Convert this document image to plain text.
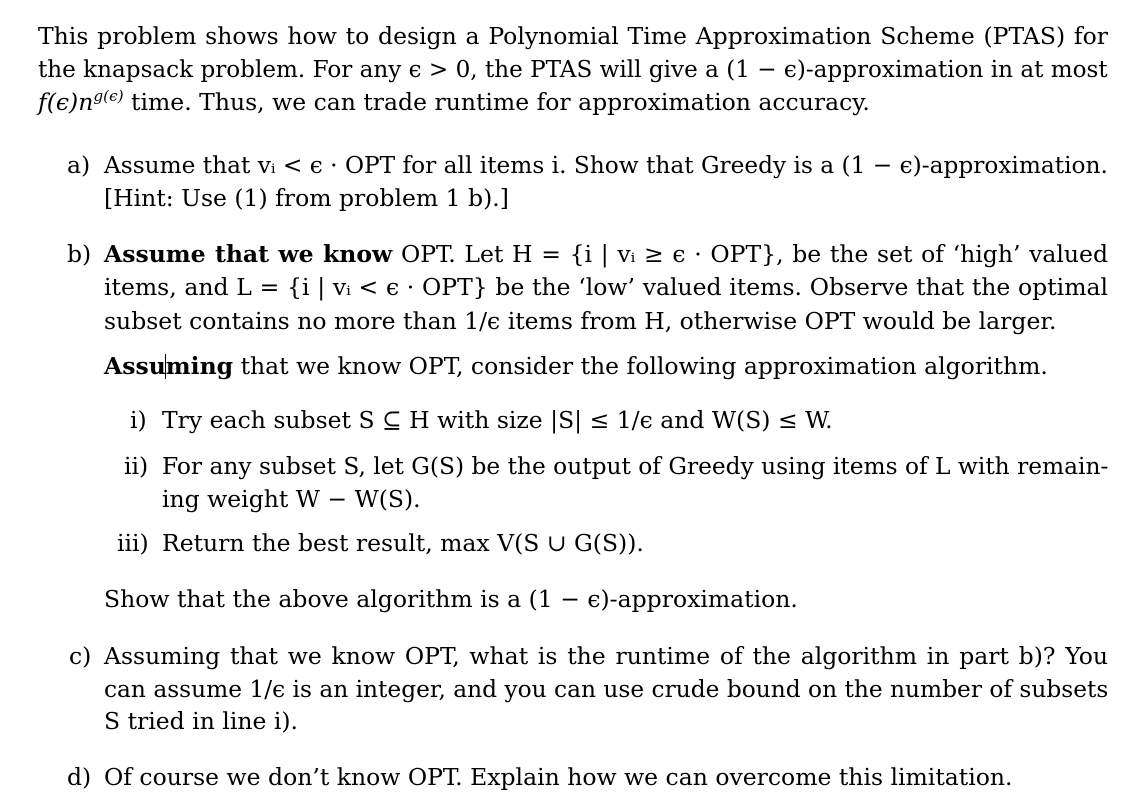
This problem shows how to design a Polynomial Time Approximation Scheme (PTAS) for
the knapsack problem. For any ϵ > 0, the PTAS will give a (1 − ϵ)-approximation in at most
$f(\epsilon)n^{g(\epsilon)}$ time. Thus, we can trade runtime for approximation accuracy.
a) Assume that vᵢ < ϵ · OPT for all items i. Show that Greedy is a (1 − ϵ)-approximation.
[Hint: Use (1) from problem 1 b).]
b) Assume that we know OPT. Let H = {i | vᵢ ≥ ϵ · OPT}, be the set of ‘high’ valued
items, and L = {i | vᵢ < ϵ · OPT} be the ‘low’ valued items. Observe that the optimal
subset contains no more than 1/ϵ items from H, otherwise OPT would be larger.
Assuming that we know OPT, consider the following approximation algorithm.
i) Try each subset S ⊆ H with size |S| ≤ 1/ϵ and W(S) ≤ W.
ii) For any subset S, let G(S) be the output of Greedy using items of L with remain-
ing weight W − W(S).
iii) Return the best result, max V(S ∪ G(S)).
Show that the above algorithm is a (1 − ϵ)-approximation.
c) Assuming that we know OPT, what is the runtime of the algorithm in part b)? You
can assume 1/ϵ is an integer, and you can use crude bound on the number of subsets
S tried in line i).
d) Of course we don’t know OPT. Explain how we can overcome this limitation.
